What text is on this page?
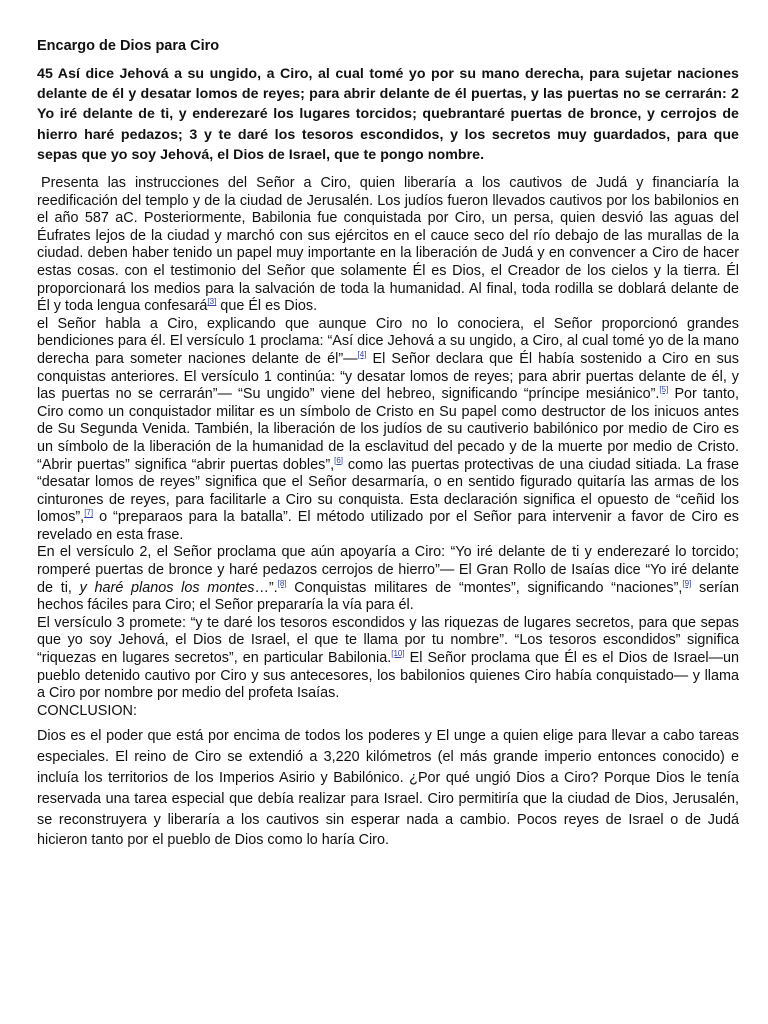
Encargo de Dios para Ciro
45 Así dice Jehová a su ungido, a Ciro, al cual tomé yo por su mano derecha, para sujetar naciones delante de él y desatar lomos de reyes; para abrir delante de él puertas, y las puertas no se cerrarán: 2 Yo iré delante de ti, y enderezaré los lugares torcidos; quebrantaré puertas de bronce, y cerrojos de hierro haré pedazos; 3 y te daré los tesoros escondidos, y los secretos muy guardados, para que sepas que yo soy Jehová, el Dios de Israel, que te pongo nombre.

Presenta las instrucciones del Señor a Ciro, quien liberaría a los cautivos de Judá y financiaría la reedificación del templo y de la ciudad de Jerusalén. Los judíos fueron llevados cautivos por los babilonios en el año 587 aC. Posteriormente, Babilonia fue conquistada por Ciro, un persa, quien desvió las aguas del Éufrates lejos de la ciudad y marchó con sus ejércitos en el cauce seco del río debajo de las murallas de la ciudad. deben haber tenido un papel muy importante en la liberación de Judá y en convencer a Ciro de hacer estas cosas. con el testimonio del Señor que solamente Él es Dios, el Creador de los cielos y la tierra. Él proporcionará los medios para la salvación de toda la humanidad. Al final, toda rodilla se doblará delante de Él y toda lengua confesará[3] que Él es Dios.

el Señor habla a Ciro, explicando que aunque Ciro no lo conociera, el Señor proporcionó grandes bendiciones para él. El versículo 1 proclama: “Así dice Jehová a su ungido, a Ciro, al cual tomé yo de la mano derecha para someter naciones delante de él”—[4] El Señor declara que Él había sostenido a Ciro en sus conquistas anteriores. El versículo 1 continúa: “y desatar lomos de reyes; para abrir puertas delante de él, y las puertas no se cerrarán”— “Su ungido” viene del hebreo, significando “príncipe mesiánico”.[5] Por tanto, Ciro como un conquistador militar es un símbolo de Cristo en Su papel como destructor de los inicuos antes de Su Segunda Venida. También, la liberación de los judíos de su cautiverio babilónico por medio de Ciro es un símbolo de la liberación de la humanidad de la esclavitud del pecado y de la muerte por medio de Cristo. “Abrir puertas” significa “abrir puertas dobles”,[6] como las puertas protectivas de una ciudad sitiada. La frase “desatar lomos de reyes” significa que el Señor desarmaría, o en sentido figurado quitaría las armas de los cinturones de reyes, para facilitarle a Ciro su conquista. Esta declaración significa el opuesto de “ceñid los lomos”,[7] o “preparaos para la batalla”. El método utilizado por el Señor para intervenir a favor de Ciro es revelado en esta frase.

En el versículo 2, el Señor proclama que aún apoyaría a Ciro: “Yo iré delante de ti y enderezaré lo torcido; romperé puertas de bronce y haré pedazos cerrojos de hierro”— El Gran Rollo de Isaías dice “Yo iré delante de ti, y haré planos los montes…”.[8] Conquistas militares de “montes”, significando “naciones”,[9] serían hechos fáciles para Ciro; el Señor prepararía la vía para él.

El versículo 3 promete: “y te daré los tesoros escondidos y las riquezas de lugares secretos, para que sepas que yo soy Jehová, el Dios de Israel, el que te llama por tu nombre”. “Los tesoros escondidos” significa “riquezas en lugares secretos”, en particular Babilonia.[10] El Señor proclama que Él es el Dios de Israel—un pueblo detenido cautivo por Ciro y sus antecesores, los babilonios quienes Ciro había conquistado— y llama a Ciro por nombre por medio del profeta Isaías.

CONCLUSION:
Dios es el poder que está por encima de todos los poderes y El unge a quien elige para llevar a cabo tareas especiales. El reino de Ciro se extendió a 3,220 kilómetros (el más grande imperio entonces conocido) e incluía los territorios de los Imperios Asirio y Babilónico. ¿Por qué ungió Dios a Ciro? Porque Dios le tenía reservada una tarea especial que debía realizar para Israel. Ciro permitiría que la ciudad de Dios, Jerusalén, se reconstruyera y liberaría a los cautivos sin esperar nada a cambio. Pocos reyes de Israel o de Judá hicieron tanto por el pueblo de Dios como lo haría Ciro.
